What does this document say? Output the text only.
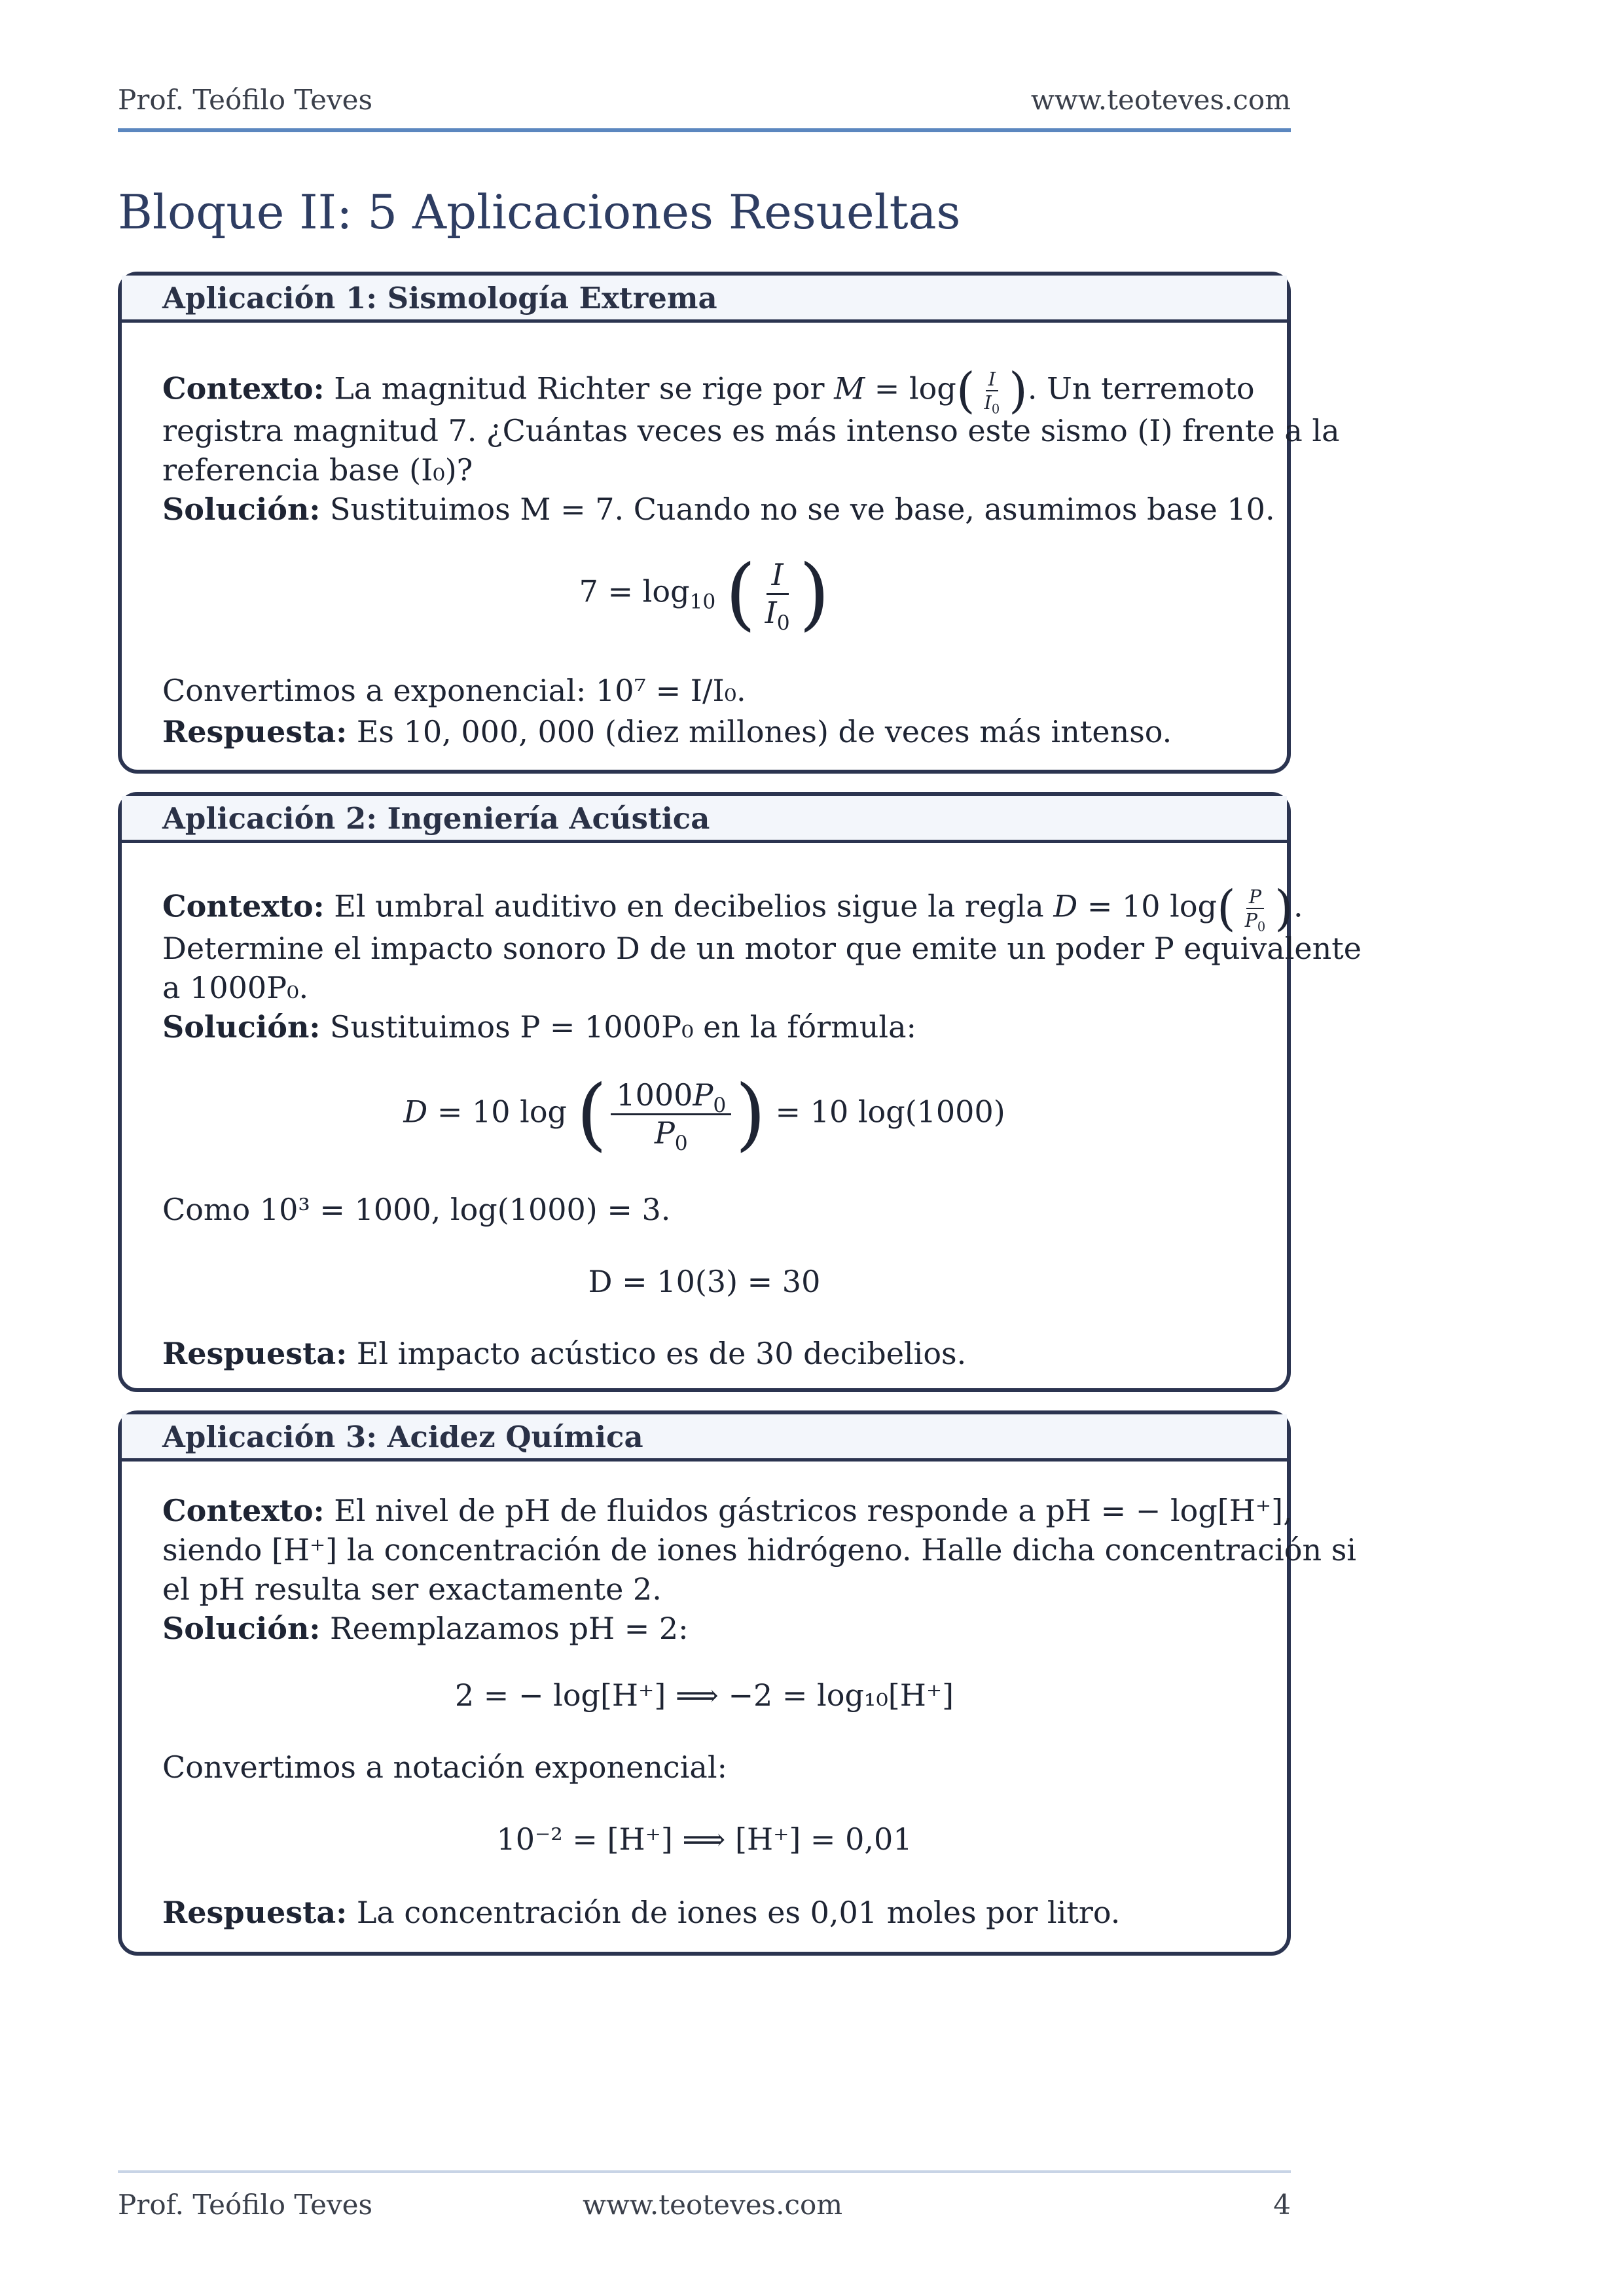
Prof. Teófilo Teves	www.teoteves.com
Bloque II: 5 Aplicaciones Resueltas
Aplicación 1: Sismología Extrema
Contexto: La magnitud Richter se rige por $M = \log( \frac{I}{I_0}$ ). Un terremoto
registra magnitud 7. ¿Cuántas veces es más intenso este sismo (I) frente a la
referencia base (I₀)?
Solución: Sustituimos M = 7. Cuando no se ve base, asumimos base 10.
$7 = \log_{10}$ ( $\frac{I}{I_0}$ )
Convertimos a exponencial: 10⁷ = I/I₀.
Respuesta: Es 10, 000, 000 (diez millones) de veces más intenso.
Aplicación 2: Ingeniería Acústica
Contexto: El umbral auditivo en decibelios sigue la regla D = 10 $\log( \frac{P}{P_0}$ ).
Determine el impacto sonoro D de un motor que emite un poder P equivalente
a 1000P₀.
Solución: Sustituimos P = 1000P₀ en la fórmula:
D = 10 log ( $\frac{1000P_0}{P_0}$ ) = 10 log(1000)
Como 10³ = 1000, log(1000) = 3.
D = 10(3) = 30
Respuesta: El impacto acústico es de 30 decibelios.
Aplicación 3: Acidez Química
Contexto: El nivel de pH de fluidos gástricos responde a pH = − log[H⁺],
siendo [H⁺] la concentración de iones hidrógeno. Halle dicha concentración si
el pH resulta ser exactamente 2.
Solución: Reemplazamos pH = 2:
2 = − log[H⁺] ⟹ −2 = log₁₀[H⁺]
Convertimos a notación exponencial:
10⁻² = [H⁺] ⟹ [H⁺] = 0,01
Respuesta: La concentración de iones es 0,01 moles por litro.
Prof. Teófilo Teves	www.teoteves.com	4
